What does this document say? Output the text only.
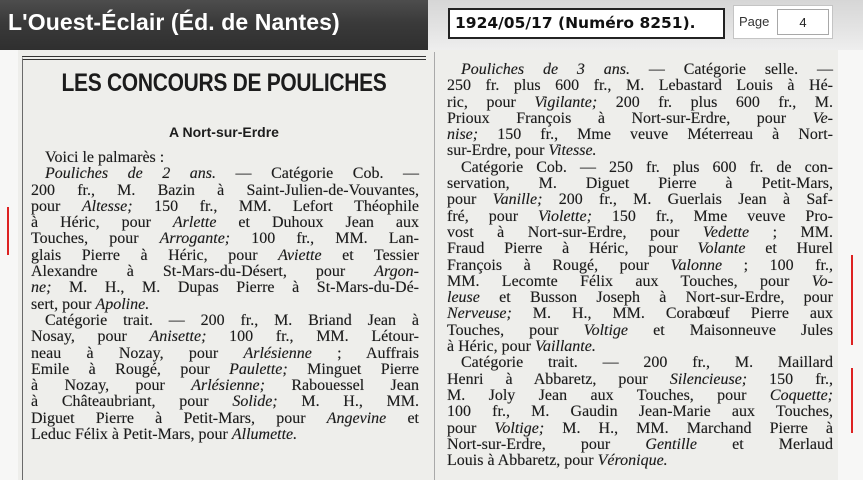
L'Ouest-Éclair (Éd. de Nantes)	1924/05/17 (Numéro 8251).	Page
4
LES CONCOURS DE POULICHES
A Nort-sur-Erdre
Voici le palmarès :
Pouliches de 2 ans. — Catégorie Cob. —
200 fr., M. Bazin à Saint-Julien-de-Vouvantes,
pour Altesse; 150 fr., MM. Lefort Théophile
à Héric, pour Arlette et Duhoux Jean aux
Touches, pour Arrogante; 100 fr., MM. Lan-
glais Pierre à Héric, pour Aviette et Tessier
Alexandre à St-Mars-du-Désert, pour Argon-
ne; M. H., M. Dupas Pierre à St-Mars-du-Dé-
sert, pour Apoline.
Catégorie trait. — 200 fr., M. Briand Jean à
Nosay, pour Anisette; 100 fr., MM. Létour-
neau à Nozay, pour Arlésienne ; Auffrais
Emile à Rougé, pour Paulette; Minguet Pierre
à Nozay, pour Arlésienne; Rabouessel Jean
à Châteaubriant, pour Solide; M. H., MM.
Diguet Pierre à Petit-Mars, pour Angevine et
Leduc Félix à Petit-Mars, pour Allumette.
Pouliches de 3 ans. — Catégorie selle. —
250 fr. plus 600 fr., M. Lebastard Louis à Hé-
ric, pour Vigilante; 200 fr. plus 600 fr., M.
Prioux François à Nort-sur-Erdre, pour Ve-
nise; 150 fr., Mme veuve Méterreau à Nort-
sur-Erdre, pour Vitesse.
Catégorie Cob. — 250 fr. plus 600 fr. de con-
servation, M. Diguet Pierre à Petit-Mars,
pour Vanille; 200 fr., M. Guerlais Jean à Saf-
fré, pour Violette; 150 fr., Mme veuve Pro-
vost à Nort-sur-Erdre, pour Vedette ; MM.
Fraud Pierre à Héric, pour Volante et Hurel
François à Rougé, pour Valonne ; 100 fr.,
MM. Lecomte Félix aux Touches, pour Vo-
leuse et Busson Joseph à Nort-sur-Erdre, pour
Nerveuse; M. H., MM. Corabœuf Pierre aux
Touches, pour Voltige et Maisonneuve Jules
à Héric, pour Vaillante.
Catégorie trait. — 200 fr., M. Maillard
Henri à Abbaretz, pour Silencieuse; 150 fr.,
M. Joly Jean aux Touches, pour Coquette;
100 fr., M. Gaudin Jean-Marie aux Touches,
pour Voltige; M. H., MM. Marchand Pierre à
Nort-sur-Erdre, pour Gentille et Merlaud
Louis à Abbaretz, pour Véronique.
